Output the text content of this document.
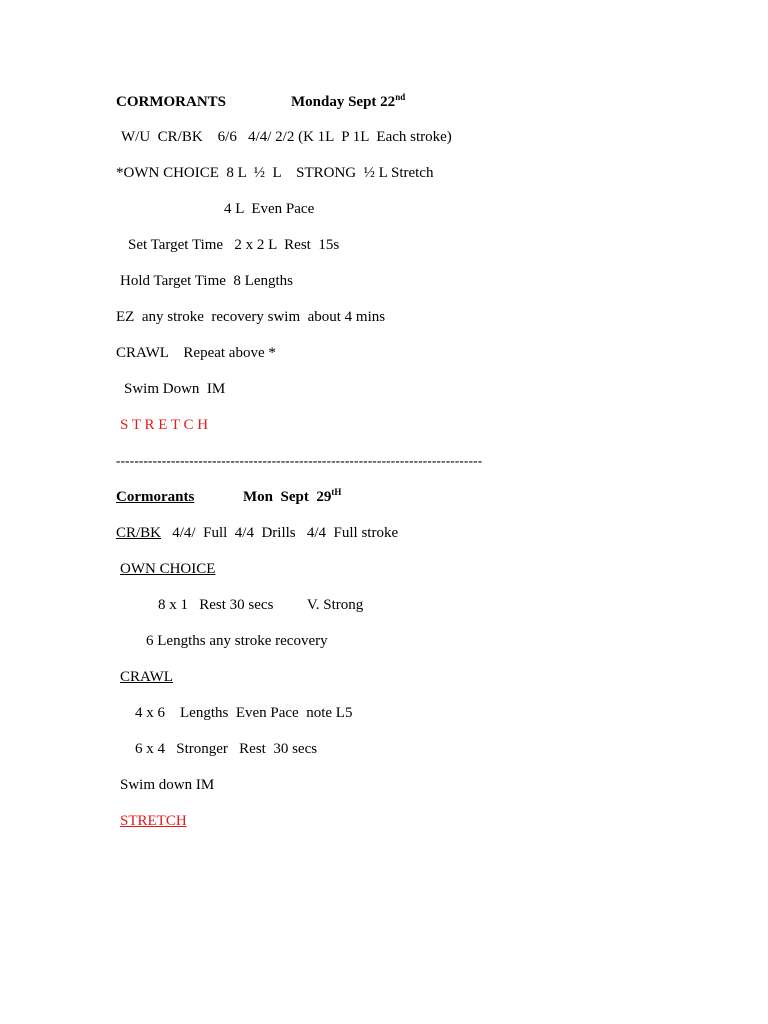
CORMORANTS	Monday Sept 22nd
W/U  CR/BK    6/6   4/4/ 2/2 (K 1L  P 1L  Each stroke)
*OWN CHOICE  8 L  ½  L    STRONG  ½ L Stretch
4 L  Even Pace
Set Target Time   2 x 2 L  Rest  15s
Hold Target Time  8 Lengths
EZ  any stroke  recovery swim  about 4 mins
CRAWL    Repeat above *
Swim Down  IM
S T R E T C H
--------------------------------------------------------------------------------
Cormorants	Mon  Sept  29tH
CR/BK   4/4/  Full  4/4  Drills   4/4  Full stroke
OWN CHOICE
8 x 1   Rest 30 secs         V. Strong
6 Lengths any stroke recovery
CRAWL
4 x 6    Lengths  Even Pace  note L5
6 x 4   Stronger   Rest  30 secs
Swim down IM
STRETCH
